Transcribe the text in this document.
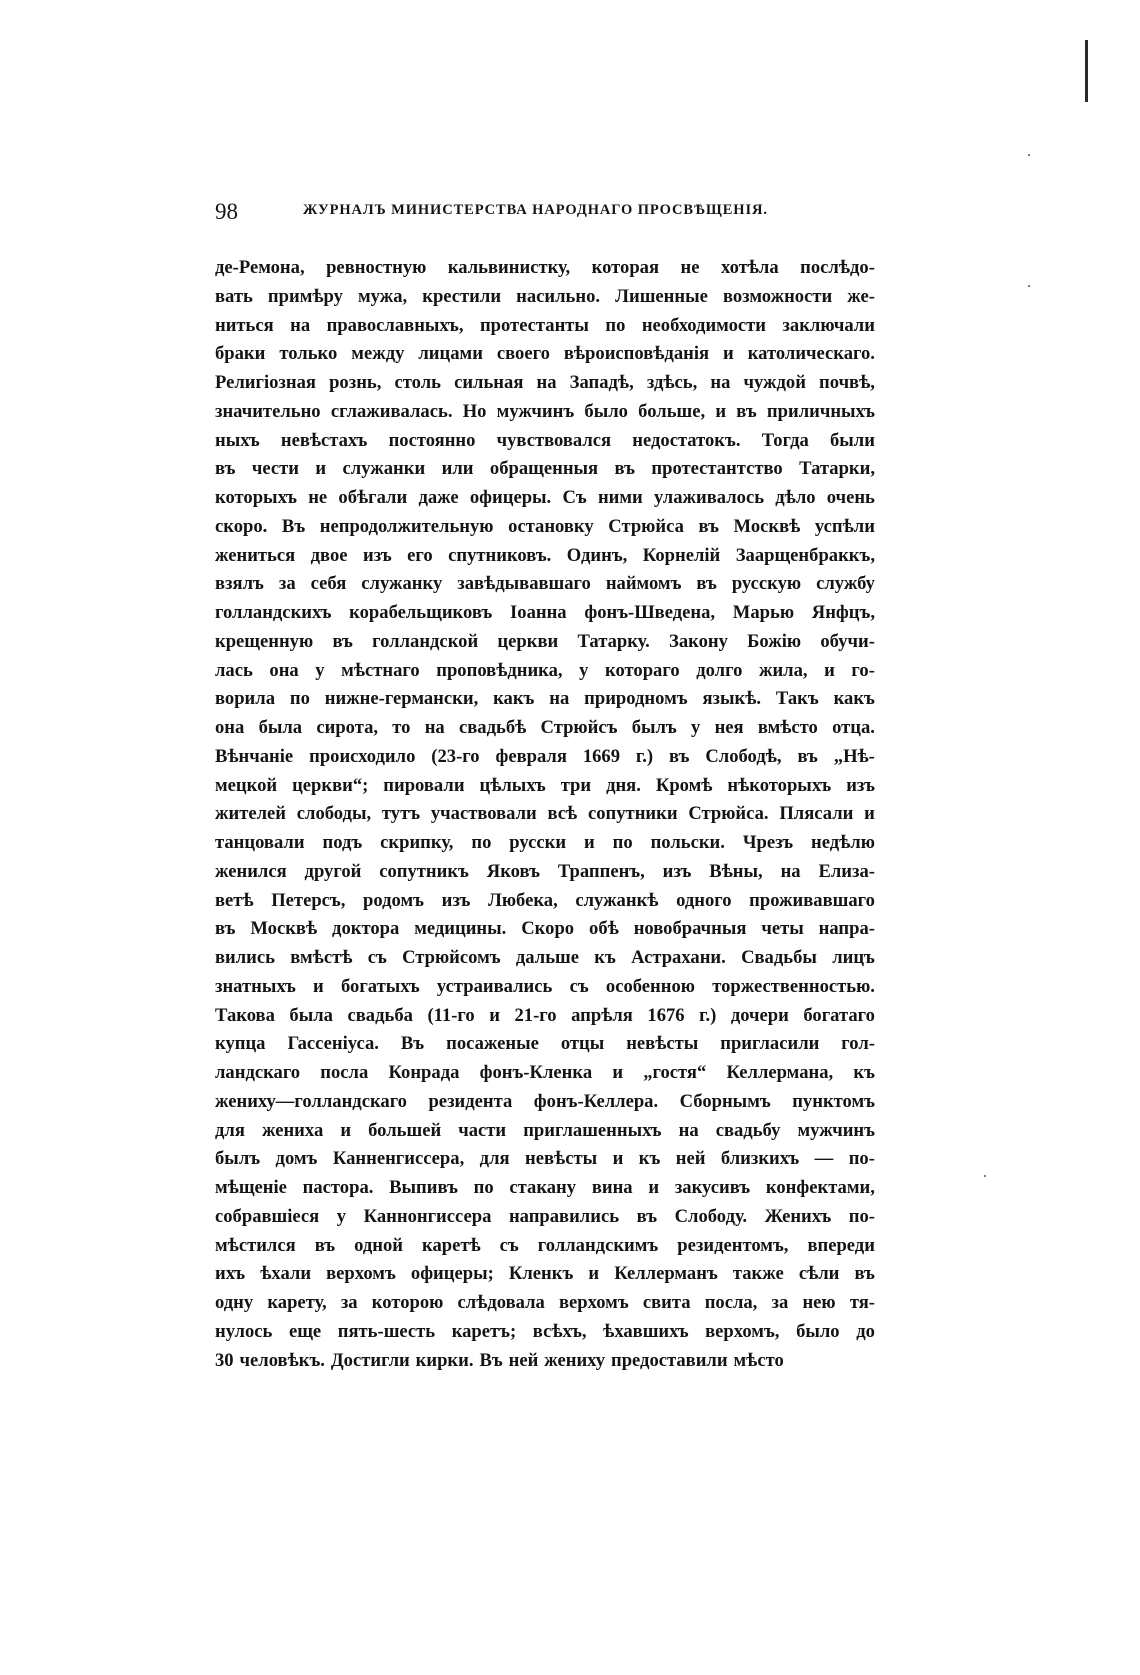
98	ЖУРНАЛЪ МИНИСТЕРСТВА НАРОДНАГО ПРОСВѢЩЕНІЯ.
де-Ремона, ревностную кальвинистку, которая не хотѣла послѣдо-
вать примѣру мужа, крестили насильно. Лишенные возможности же-
ниться на православныхъ, протестанты по необходимости заключали
браки только между лицами своего вѣроисповѣданія и католическаго.
Религіозная рознь, столь сильная на Западѣ, здѣсь, на чуждой почвѣ,
значительно сглаживалась. Но мужчинъ было больше, и въ приличныхъ
ныхъ невѣстахъ постоянно чувствовался недостатокъ. Тогда были
въ чести и служанки или обращенныя въ протестантство Татарки,
которыхъ не обѣгали даже офицеры. Съ ними улаживалось дѣло очень
скоро. Въ непродолжительную остановку Стрюйса въ Москвѣ успѣли
жениться двое изъ его спутниковъ. Одинъ, Корнелій Заарщенбраккъ,
взялъ за себя служанку завѣдывавшаго наймомъ въ русскую службу
голландскихъ корабельщиковъ Іоанна фонъ-Шведена, Марью Янфцъ,
крещенную въ голландской церкви Татарку. Закону Божію обучи-
лась она у мѣстнаго проповѣдника, у котораго долго жила, и го-
ворила по нижне-германски, какъ на природномъ языкѣ. Такъ какъ
она была сирота, то на свадьбѣ Стрюйсъ былъ у нея вмѣсто отца.
Вѣнчаніе происходило (23-го февраля 1669 г.) въ Слободѣ, въ „Нѣ-
мецкой церкви“; пировали цѣлыхъ три дня. Кромѣ нѣкоторыхъ изъ
жителей слободы, тутъ участвовали всѣ сопутники Стрюйса. Плясали и
танцовали подъ скрипку, по русски и по польски. Чрезъ недѣлю
женился другой сопутникъ Яковъ Траппенъ, изъ Вѣны, на Елиза-
ветѣ Петерсъ, родомъ изъ Любека, служанкѣ одного проживавшаго
въ Москвѣ доктора медицины. Скоро обѣ новобрачныя четы напра-
вились вмѣстѣ съ Стрюйсомъ дальше къ Астрахани. Свадьбы лицъ
знатныхъ и богатыхъ устраивались съ особенною торжественностью.
Такова была свадьба (11-го и 21-го апрѣля 1676 г.) дочери богатаго
купца Гассеніуса. Въ посаженые отцы невѣсты пригласили гол-
ландскаго посла Конрада фонъ-Кленка и „гостя“ Келлермана, къ
жениху—голландскаго резидента фонъ-Келлера. Сборнымъ пунктомъ
для жениха и большей части приглашенныхъ на свадьбу мужчинъ
былъ домъ Канненгиссера, для невѣсты и къ ней близкихъ — по-
мѣщеніе пастора. Выпивъ по стакану вина и закусивъ конфектами,
собравшіеся у Каннонгиссера направились въ Слободу. Женихъ по-
мѣстился въ одной каретѣ съ голландскимъ резидентомъ, впереди
ихъ ѣхали верхомъ офицеры; Кленкъ и Келлерманъ также сѣли въ
одну карету, за которою слѣдовала верхомъ свита посла, за нею тя-
нулось еще пять-шесть каретъ; всѣхъ, ѣхавшихъ верхомъ, было до
30 человѣкъ. Достигли кирки. Въ ней жениху предоставили мѣсто
